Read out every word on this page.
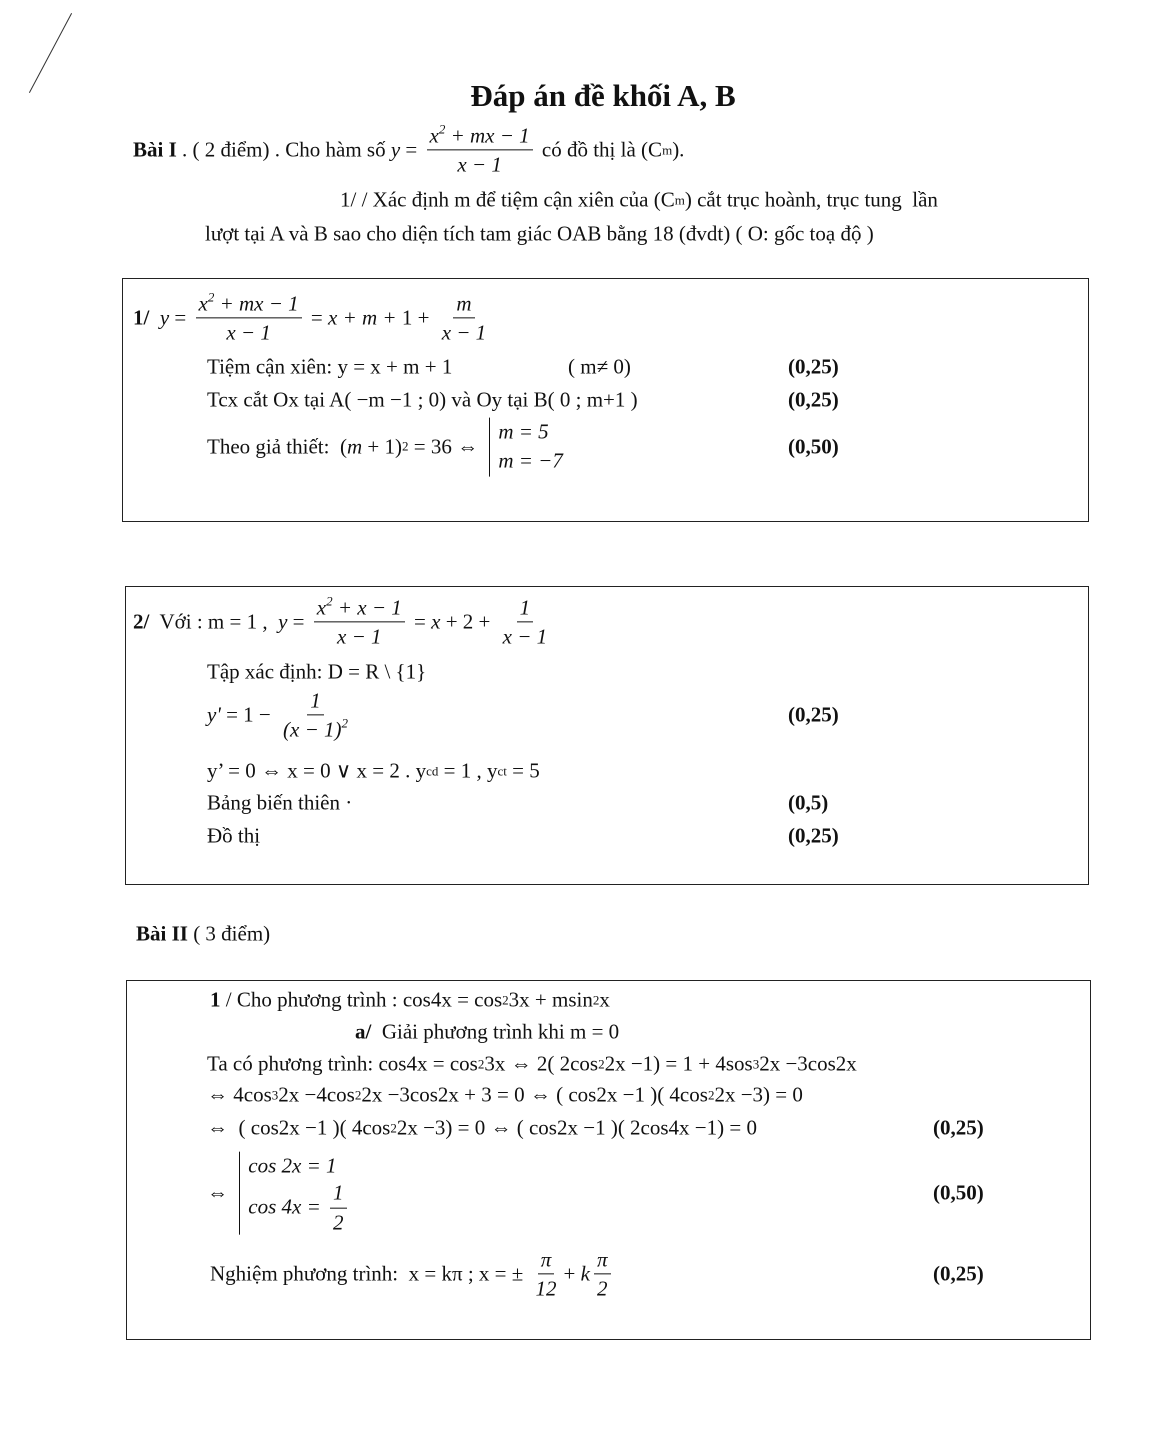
Đáp án đề khối A, B
Bài I . ( 2 điểm) . Cho hàm số $y = \frac{x^2 + mx - 1}{x - 1}$ có đồ thị là (C m ).
1/ / Xác định m để tiệm cận xiên của (C m ) cắt trục hoành, trục tung  lần
lượt tại A và B sao cho diện tích tam giác OAB bằng 18 (đvdt) ( O: gốc toạ độ )
1/
$y = \frac{x^2 + mx - 1}{x - 1} = x + m + 1 + \frac{m}{x - 1}$
Tiệm cận xiên: y = x + m + 1	( m≠ 0)
Tcx cắt Ox tại A( −m −1 ; 0) và Oy tại B( 0 ; m+1 )
Theo giả thiết:  ( m + 1) 2 = 36 ⇔
m = 5
m = −7
(0,25)
(0,25)
(0,50)
2/ Với : m = 1 , $y = \frac{x^2 + x - 1}{x - 1} = x + 2 + \frac{1}{x - 1}$
Tập xác định: D = R \ {1}
$y' = 1 - \frac{1}{(x - 1)^2}$
y’ = 0 ⇔ x = 0 ∨ x = 2 . y cd = 1 , y ct = 5
Bảng biến thiên ·
Đồ thị
(0,25)
(0,5)
(0,25)
Bài II ( 3 điểm)
1 / Cho phương trình : cos4x = cos 2 3x + msin 2 x
a/ Giải phương trình khi m = 0
Ta có phương trình: cos4x = cos 2 3x ⇔ 2( 2cos 2 2x −1) = 1 + 4sos 3 2x −3cos2x
⇔ 4cos 3 2x −4cos 2 2x −3cos2x + 3 = 0 ⇔ ( cos2x −1 )( 4cos 2 2x −3) = 0
⇔  ( cos2x −1 )( 4cos 2 2x −3) = 0 ⇔ ( cos2x −1 )( 2cos4x −1) = 0
⇔
cos 2 x = 1
cos 4 $x = \frac{1}{2}$
Nghiệm phương trình:  x = kπ ; x = ± $\frac{\pi}{12} + k \frac{\pi}{2}$
(0,25)
(0,50)
(0,25)
